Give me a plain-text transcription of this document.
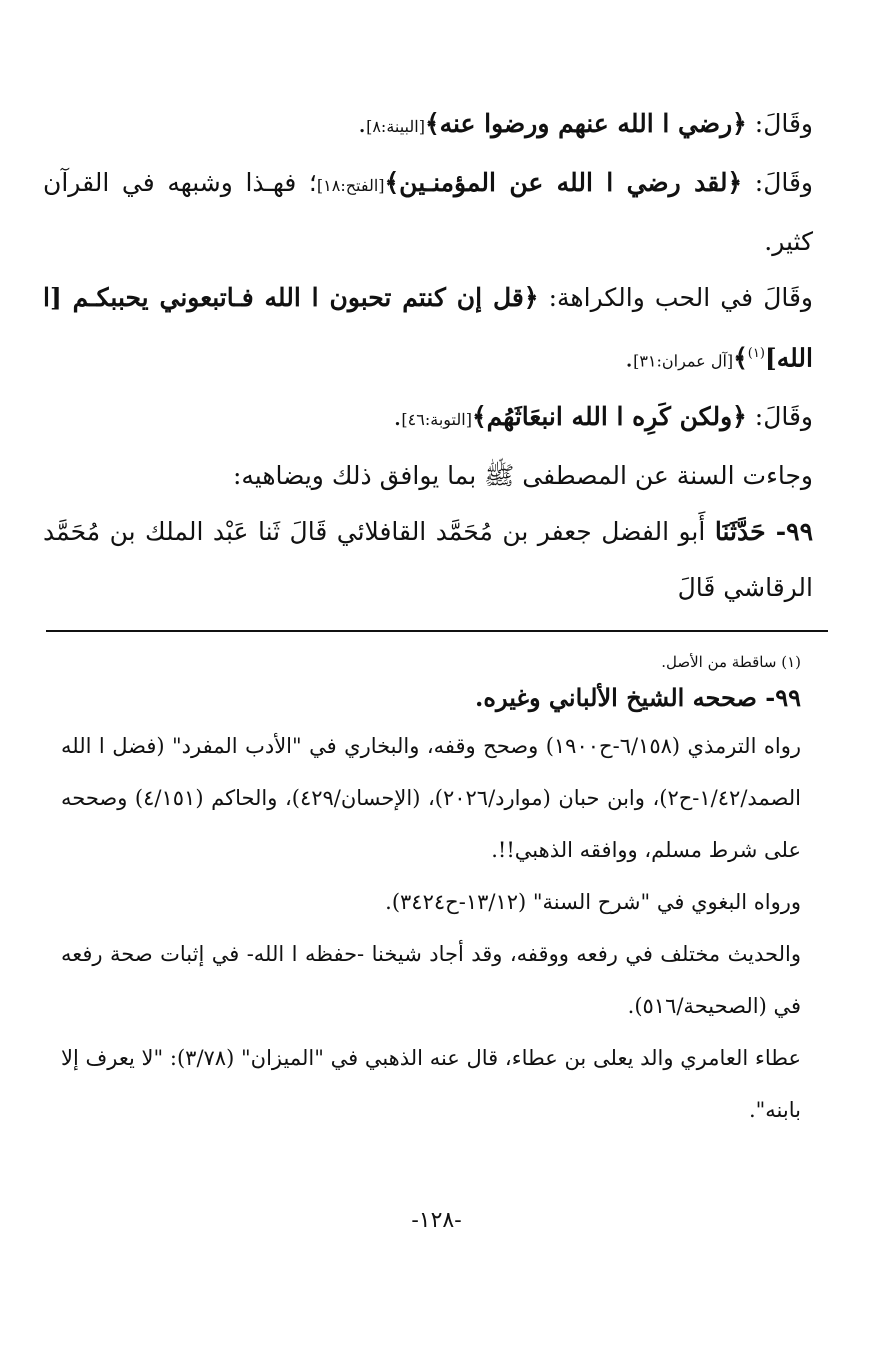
وقَالَ: ﴿رضي ا الله عنهم ورضوا عنه﴾[البينة:٨].

وقَالَ: ﴿لقد رضي ا الله عن المؤمنـين﴾[الفتح:١٨]؛ فهـذا وشبهه في القرآن كثير.

وقَالَ في الحب والكراهة: ﴿قل إن كنتم تحبون ا الله فـاتبعوني يحببكـم [ا الله]$^{(١)}$﴾[آل عمران:٣١].

وقَالَ: ﴿ولكن كَرِه ا الله انبعَاثَهُم﴾[التوبة:٤٦].

وجاءت السنة عن المصطفى ﷺ بما يوافق ذلك ويضاهيه:

٩٩- حَدَّثَنَا أَبو الفضل جعفر بن مُحَمَّد القافلائي قَالَ ثَنا عَبْد الملك بن مُحَمَّد الرقاشي قَالَ

(١) ساقطة من الأصل.
٩٩- صححه الشيخ الألباني وغيره.

رواه الترمذي (٦/١٥٨-ح١٩٠٠) وصحح وقفه، والبخاري في "الأدب المفرد" (فضل ا الله الصمد/١/٤٢-ح٢)، وابن حبان (موارد/٢٠٢٦)، (الإحسان/٤٢٩)، والحاكم (٤/١٥١) وصححه على شرط مسلم، ووافقه الذهبي!!.

ورواه البغوي في "شرح السنة" (١٣/١٢-ح٣٤٢٤).

والحديث مختلف في رفعه ووقفه، وقد أجاد شيخنا -حفظه ا الله- في إثبات صحة رفعه في (الصحيحة/٥١٦).

عطاء العامري والد يعلى بن عطاء، قال عنه الذهبي في "الميزان" (٣/٧٨): "لا يعرف إلا بابنه".

-١٢٨-
